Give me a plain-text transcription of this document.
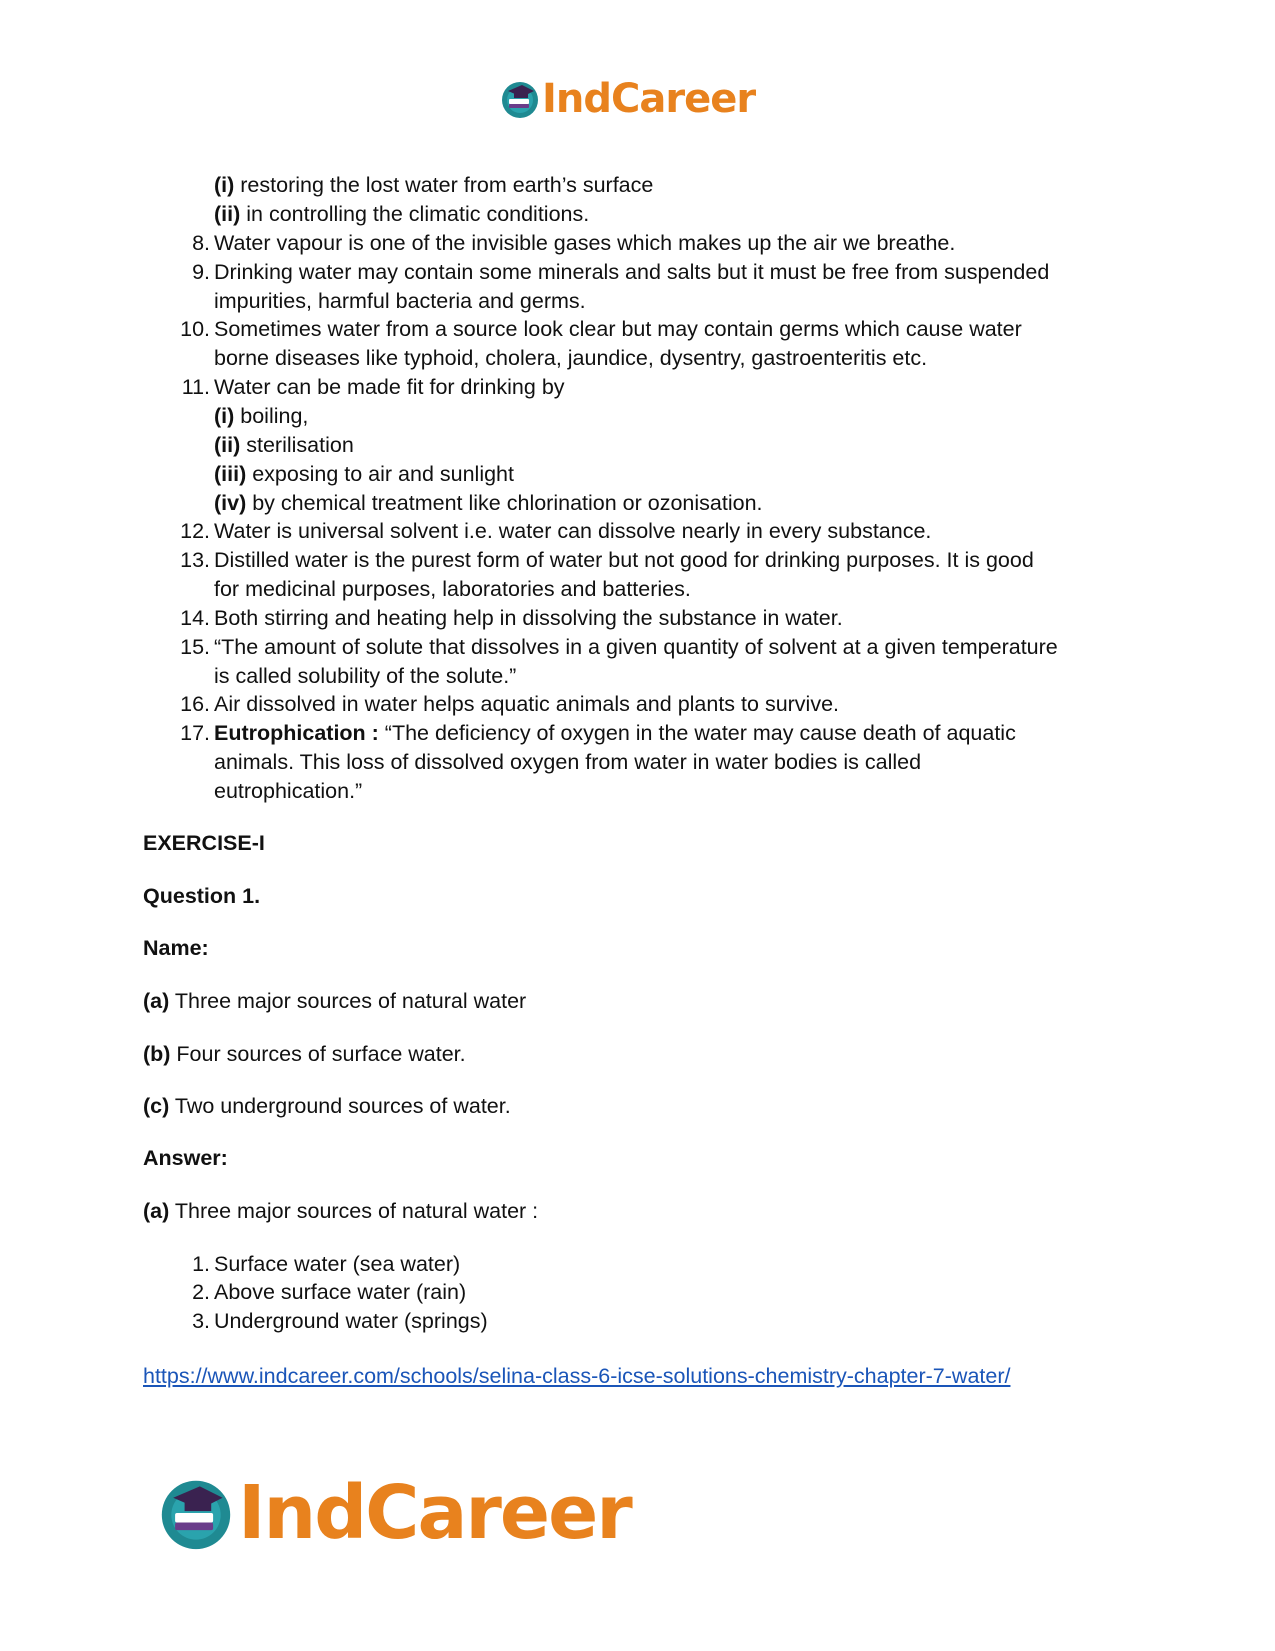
IndCareer
(i) restoring the lost water from earth’s surface
(ii) in controlling the climatic conditions.
8. Water vapour is one of the invisible gases which makes up the air we breathe.
9. Drinking water may contain some minerals and salts but it must be free from suspended
impurities, harmful bacteria and germs.
10. Sometimes water from a source look clear but may contain germs which cause water
borne diseases like typhoid, cholera, jaundice, dysentry, gastroenteritis etc.
11. Water can be made fit for drinking by
(i) boiling,
(ii) sterilisation
(iii) exposing to air and sunlight
(iv) by chemical treatment like chlorination or ozonisation.
12. Water is universal solvent i.e. water can dissolve nearly in every substance.
13. Distilled water is the purest form of water but not good for drinking purposes. It is good
for medicinal purposes, laboratories and batteries.
14. Both stirring and heating help in dissolving the substance in water.
15. “The amount of solute that dissolves in a given quantity of solvent at a given temperature
is called solubility of the solute.”
16. Air dissolved in water helps aquatic animals and plants to survive.
17. Eutrophication : “The deficiency of oxygen in the water may cause death of aquatic
animals. This loss of dissolved oxygen from water in water bodies is called
eutrophication.”
EXERCISE-I
Question 1.
Name:
(a) Three major sources of natural water
(b) Four sources of surface water.
(c) Two underground sources of water.
Answer:
(a) Three major sources of natural water :
1. Surface water (sea water)
2. Above surface water (rain)
3. Underground water (springs)
https://www.indcareer.com/schools/selina-class-6-icse-solutions-chemistry-chapter-7-water/
IndCareer
